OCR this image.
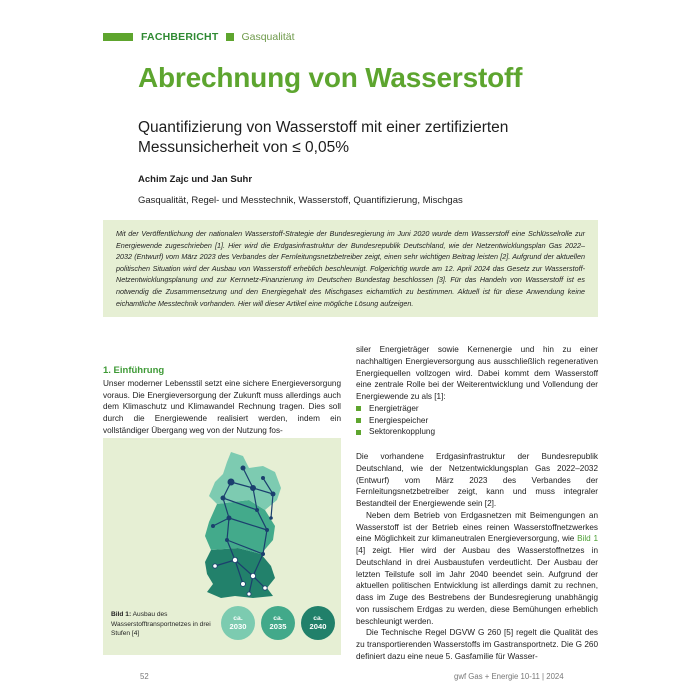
FACHBERICHT Gasqualität
Abrechnung von Wasserstoff
Quantifizierung von Wasserstoff mit einer zertifizierten Messunsicherheit von ≤ 0,05%
Achim Zajc und Jan Suhr
Gasqualität, Regel- und Messtechnik, Wasserstoff, Quantifizierung, Mischgas

Mit der Veröffentlichung der nationalen Wasserstoff-Strategie der Bundesregierung im Juni 2020 wurde dem Wasserstoff eine Schlüsselrolle zur Energiewende zugeschrieben [1]. Hier wird die Erdgasinfrastruktur der Bundesrepublik Deutschland, wie der Netzentwicklungsplan Gas 2022–2032 (Entwurf) vom März 2023 des Verbandes der Fernleitungsnetzbetreiber zeigt, einen sehr wichtigen Beitrag leisten [2]. Aufgrund der aktuellen politischen Situation wird der Ausbau von Wasserstoff erheblich beschleunigt. Folgerichtig wurde am 12. April 2024 das Gesetz zur Wasserstoff-Netzentwicklungsplanung und zur Kernnetz-Finanzierung im Deutschen Bundestag beschlossen [3]. Für das Handeln von Wasserstoff ist es notwendig die Zusammensetzung und den Energiegehalt des Mischgases eichamtlich zu bestimmen. Aktuell ist für diese Anwendung keine eichamtliche Messtechnik vorhanden. Hier will dieser Artikel eine mögliche Lösung aufzeigen.

1. Einführung

Unser moderner Lebensstil setzt eine sichere Energieversorgung voraus. Die Energieversorgung der Zukunft muss allerdings auch dem Klimaschutz und Klimawandel Rechnung tragen. Dies soll durch die Energiewende realisiert werden, indem ein vollständiger Übergang weg von der Nutzung fos-

Bild 1: Ausbau des Wasserstofftransportnetzes in drei Stufen [4]
ca.
2030
ca.
2035
ca.
2040

siler Energieträger sowie Kernenergie und hin zu einer nachhaltigen Energieversorgung aus ausschließlich regenerativen Energiequellen vollzogen wird. Dabei kommt dem Wasserstoff eine zentrale Rolle bei der Weiterentwicklung und Vollendung der Energiewende zu als [1]:

Energieträger
Energiespeicher
Sektorenkopplung

Die vorhandene Erdgasinfrastruktur der Bundesrepublik Deutschland, wie der Netzentwicklungsplan Gas 2022–2032 (Entwurf) vom März 2023 des Verbandes der Fernleitungsnetzbetreiber zeigt, kann und muss integraler Bestandteil der Energiewende sein [2].

Neben dem Betrieb von Erdgasnetzen mit Beimengungen an Wasserstoff ist der Betrieb eines reinen Wasserstoffnetzwerkes eine Möglichkeit zur klimaneutralen Energieversorgung, wie Bild 1 [4] zeigt. Hier wird der Ausbau des Wasserstoffnetzes in Deutschland in drei Ausbaustufen verdeutlicht. Der Ausbau der letzten Teilstufe soll im Jahr 2040 beendet sein. Aufgrund der aktuellen politischen Entwicklung ist allerdings damit zu rechnen, dass im Zuge des Bestrebens der Bundesregierung unabhängig von russischem Erdgas zu werden, diese Bemühungen erheblich beschleunigt werden.

Die Technische Regel DGVW G 260 [5] regelt die Qualität des zu transportierenden Wasserstoffs im Gastransportnetz. Die G 260 definiert dazu eine neue 5. Gasfamilie für Wasser-

52	gwf Gas + Energie 10-11 | 2024
